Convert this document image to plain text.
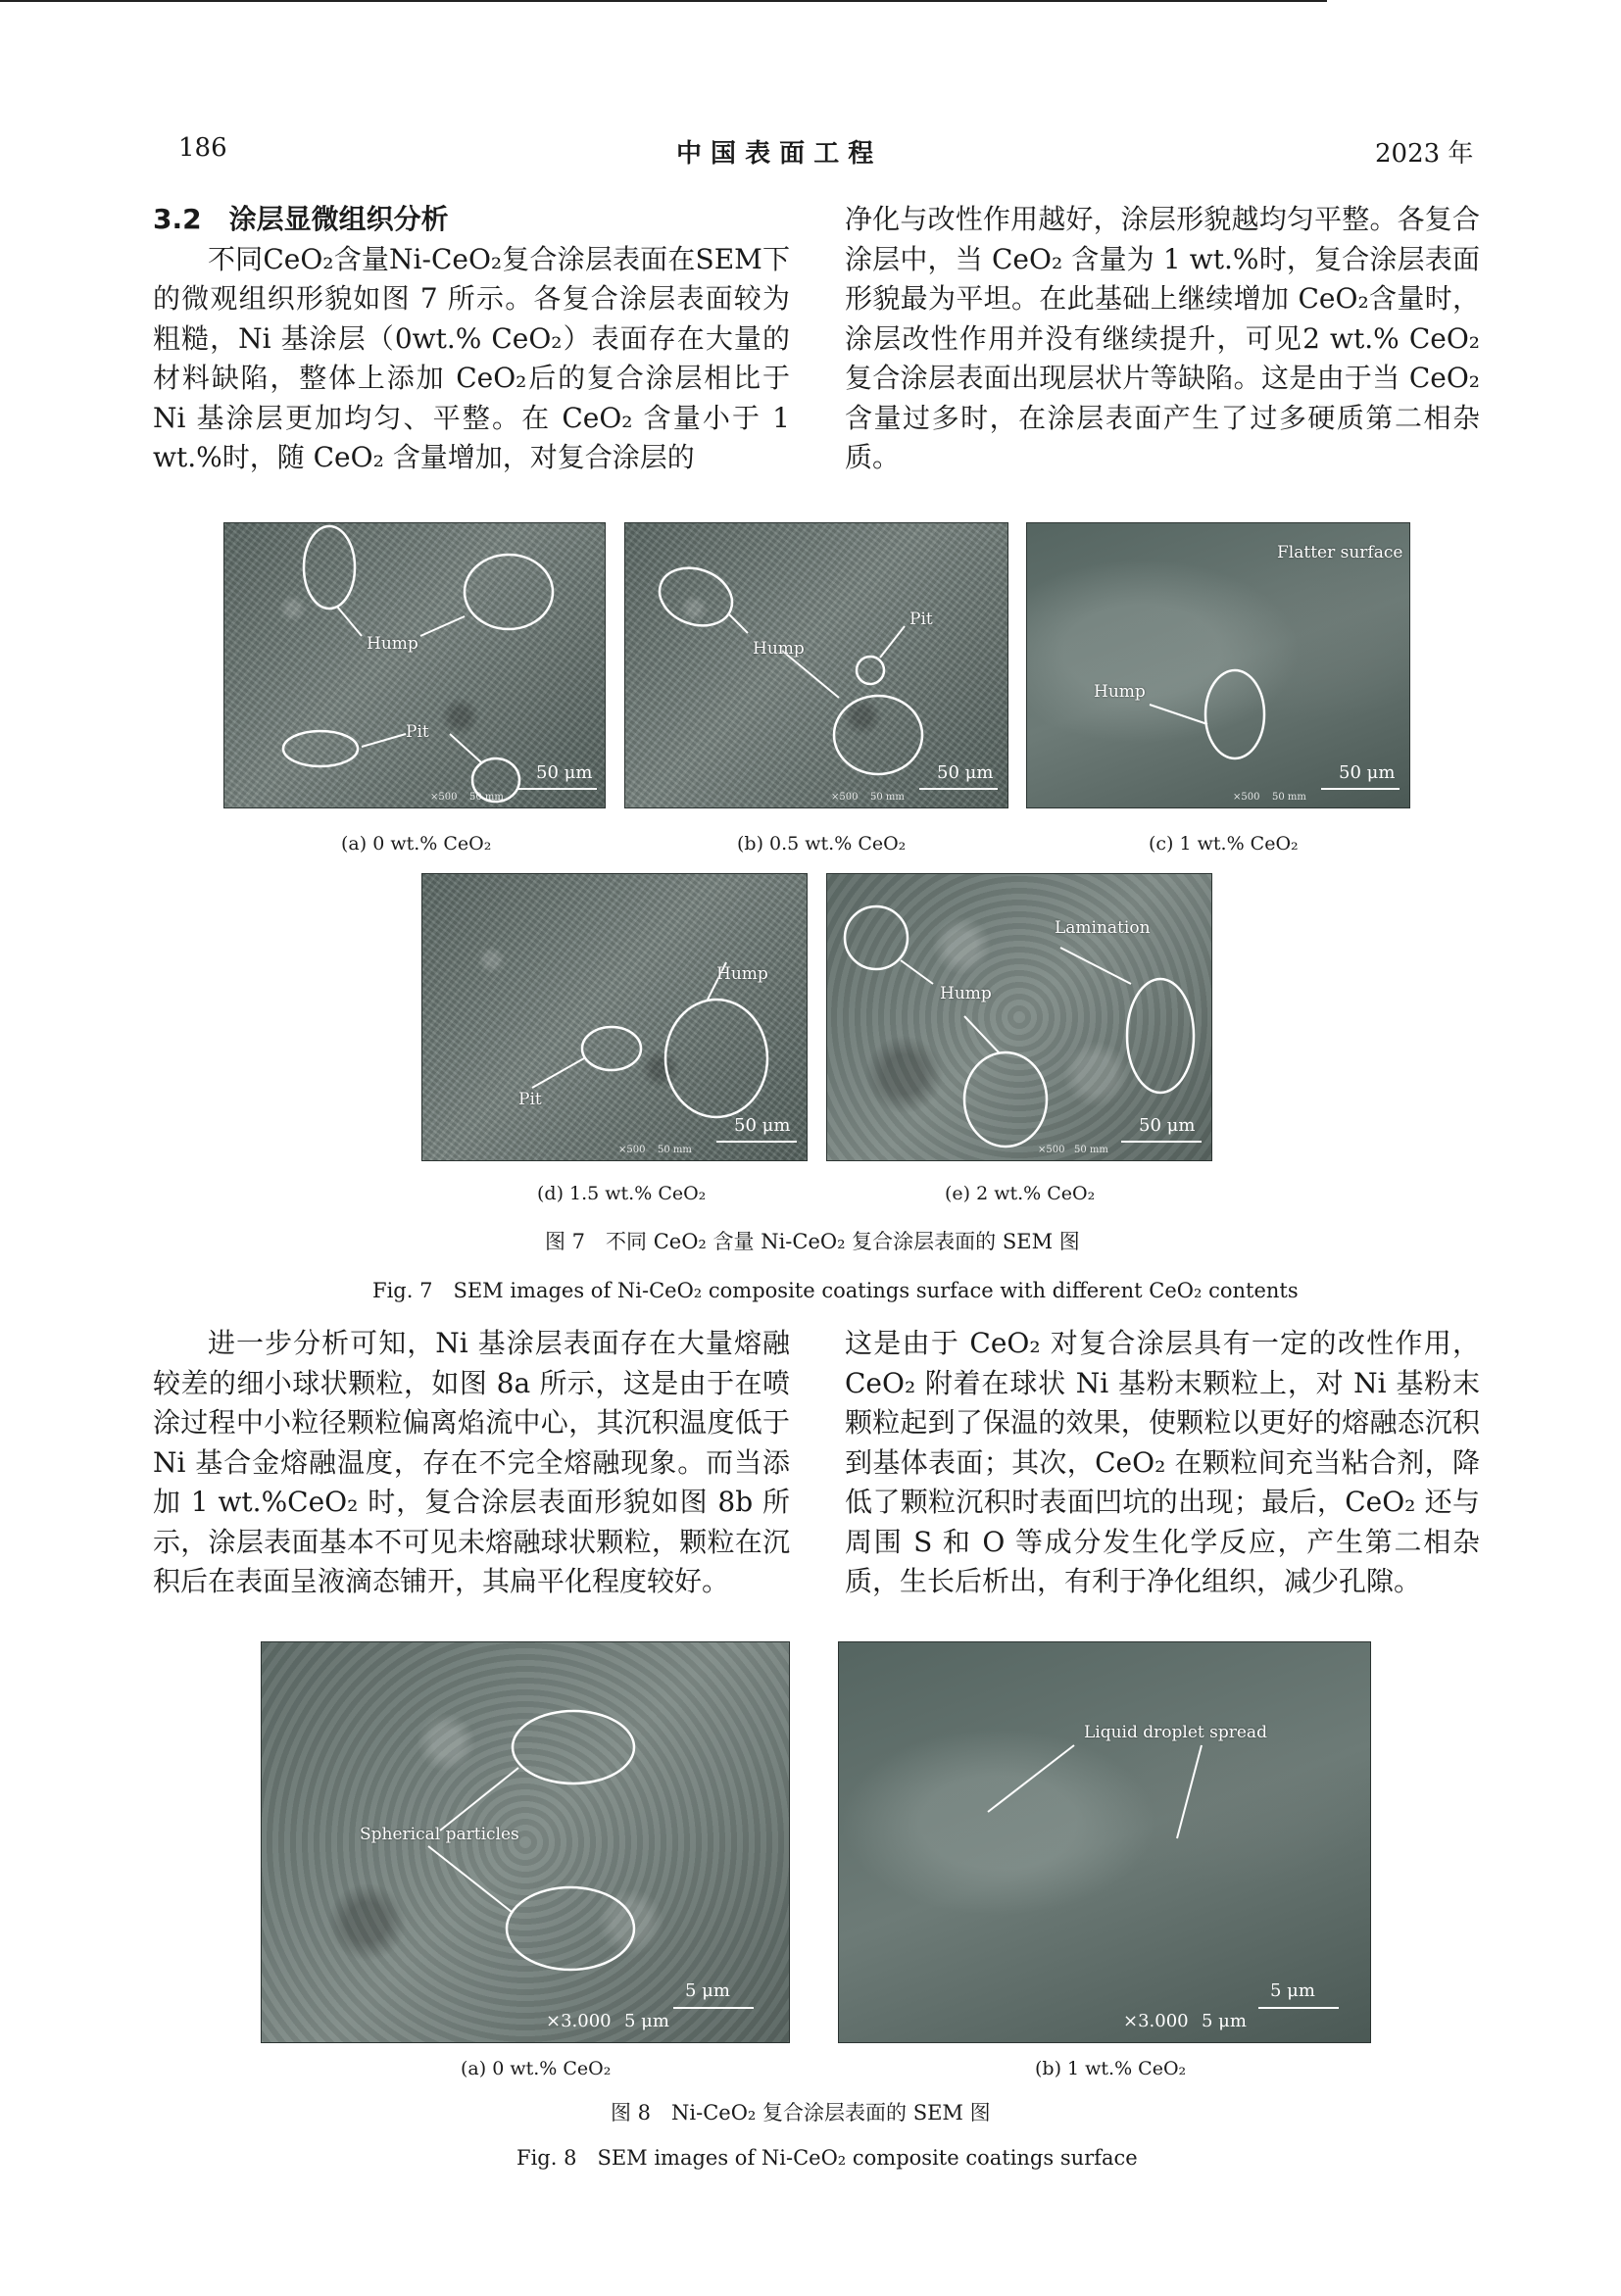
186	中 国 表 面 工 程	2023 年
3.2　涂层显微组织分析

不同CeO₂含量Ni-CeO₂复合涂层表面在SEM下的微观组织形貌如图 7 所示。各复合涂层表面较为粗糙，Ni 基涂层（0wt.% CeO₂）表面存在大量的材料缺陷，整体上添加 CeO₂后的复合涂层相比于 Ni 基涂层更加均匀、平整。在 CeO₂ 含量小于 1 wt.%时，随 CeO₂ 含量增加，对复合涂层的

净化与改性作用越好，涂层形貌越均匀平整。各复合涂层中，当 CeO₂ 含量为 1 wt.%时，复合涂层表面形貌最为平坦。在此基础上继续增加 CeO₂含量时，涂层改性作用并没有继续提升，可见2 wt.% CeO₂ 复合涂层表面出现层状片等缺陷。这是由于当 CeO₂ 含量过多时，在涂层表面产生了过多硬质第二相杂质。

Hump
Pit
50 μm
×500 50 mm
Hump
Pit
50 μm
×500 50 mm
Flatter surface
Hump
50 μm
×500 50 mm
(a) 0 wt.% CeO₂	(b) 0.5 wt.% CeO₂	(c) 1 wt.% CeO₂
Hump
Pit
50 μm
×500 50 mm
Lamination
Hump
50 μm
×500 50 mm
(d) 1.5 wt.% CeO₂	(e) 2 wt.% CeO₂
图 7　不同 CeO₂ 含量 Ni-CeO₂ 复合涂层表面的 SEM 图
Fig. 7　SEM images of Ni-CeO₂ composite coatings surface with different CeO₂ contents

进一步分析可知，Ni 基涂层表面存在大量熔融较差的细小球状颗粒，如图 8a 所示，这是由于在喷涂过程中小粒径颗粒偏离焰流中心，其沉积温度低于 Ni 基合金熔融温度，存在不完全熔融现象。而当添加 1 wt.%CeO₂ 时，复合涂层表面形貌如图 8b 所示，涂层表面基本不可见未熔融球状颗粒，颗粒在沉积后在表面呈液滴态铺开，其扁平化程度较好。

这是由于 CeO₂ 对复合涂层具有一定的改性作用，CeO₂ 附着在球状 Ni 基粉末颗粒上，对 Ni 基粉末颗粒起到了保温的效果，使颗粒以更好的熔融态沉积到基体表面；其次，CeO₂ 在颗粒间充当粘合剂，降低了颗粒沉积时表面凹坑的出现；最后，CeO₂ 还与周围 S 和 O 等成分发生化学反应，产生第二相杂质，生长后析出，有利于净化组织，减少孔隙。

Spherical particles
5 μm
×3.000 5 μm
Liquid droplet spread
5 μm
×3.000 5 μm
(a) 0 wt.% CeO₂	(b) 1 wt.% CeO₂
图 8　Ni-CeO₂ 复合涂层表面的 SEM 图
Fig. 8　SEM images of Ni-CeO₂ composite coatings surface
